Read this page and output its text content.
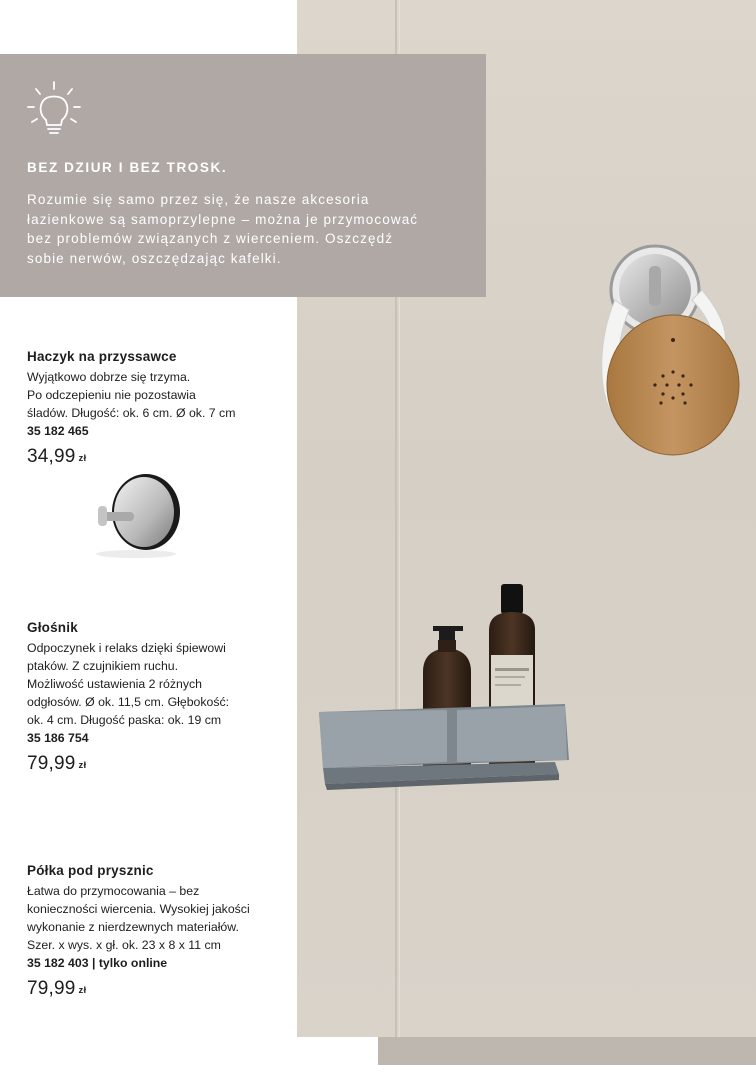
BEZ DZIUR I BEZ TROSK.

Rozumie się samo przez się, że nasze akcesoria
łazienkowe są samoprzylepne – można je przymocować
bez problemów związanych z wierceniem. Oszczędź
sobie nerwów, oszczędzając kafelki.

Haczyk na przyssawce
Wyjątkowo dobrze się trzyma.
Po odczepieniu nie pozostawia
śladów. Długość: ok. 6 cm. Ø ok. 7 cm
35 182 465
34,99 zł
Głośnik
Odpoczynek i relaks dzięki śpiewowi
ptaków. Z czujnikiem ruchu.
Możliwość ustawienia 2 różnych
odgłosów. Ø ok. 11,5 cm. Głębokość:
ok. 4 cm. Długość paska: ok. 19 cm
35 186 754
79,99 zł
Półka pod prysznic
Łatwa do przymocowania – bez
konieczności wiercenia. Wysokiej jakości
wykonanie z nierdzewnych materiałów.
Szer. x wys. x gł. ok. 23 x 8 x 11 cm
35 182 403 | tylko online
79,99 zł
